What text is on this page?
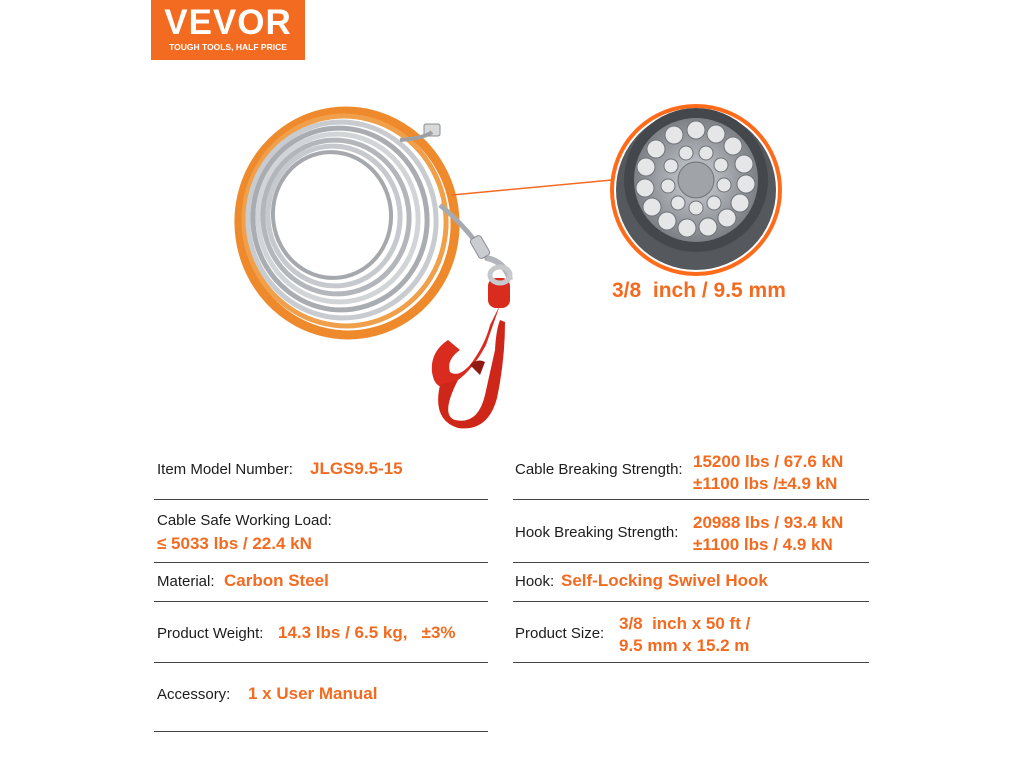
VEVOR
TOUGH TOOLS, HALF PRICE
3/8  inch / 9.5 mm
Item Model Number: JLGS9.5-15
Cable Safe Working Load:
≤ 5033 lbs / 22.4 kN
Material: Carbon Steel
Product Weight: 14.3 lbs / 6.5 kg,   ±3%
Accessory: 1 x User Manual
Cable Breaking Strength: 15200 lbs / 67.6 kN
±1100 lbs /±4.9 kN
Hook Breaking Strength:
20988 lbs / 93.4 kN
±1100 lbs / 4.9 kN
Hook: Self-Locking Swivel Hook
Product Size:
3/8  inch x 50 ft /
9.5 mm x 15.2 m
